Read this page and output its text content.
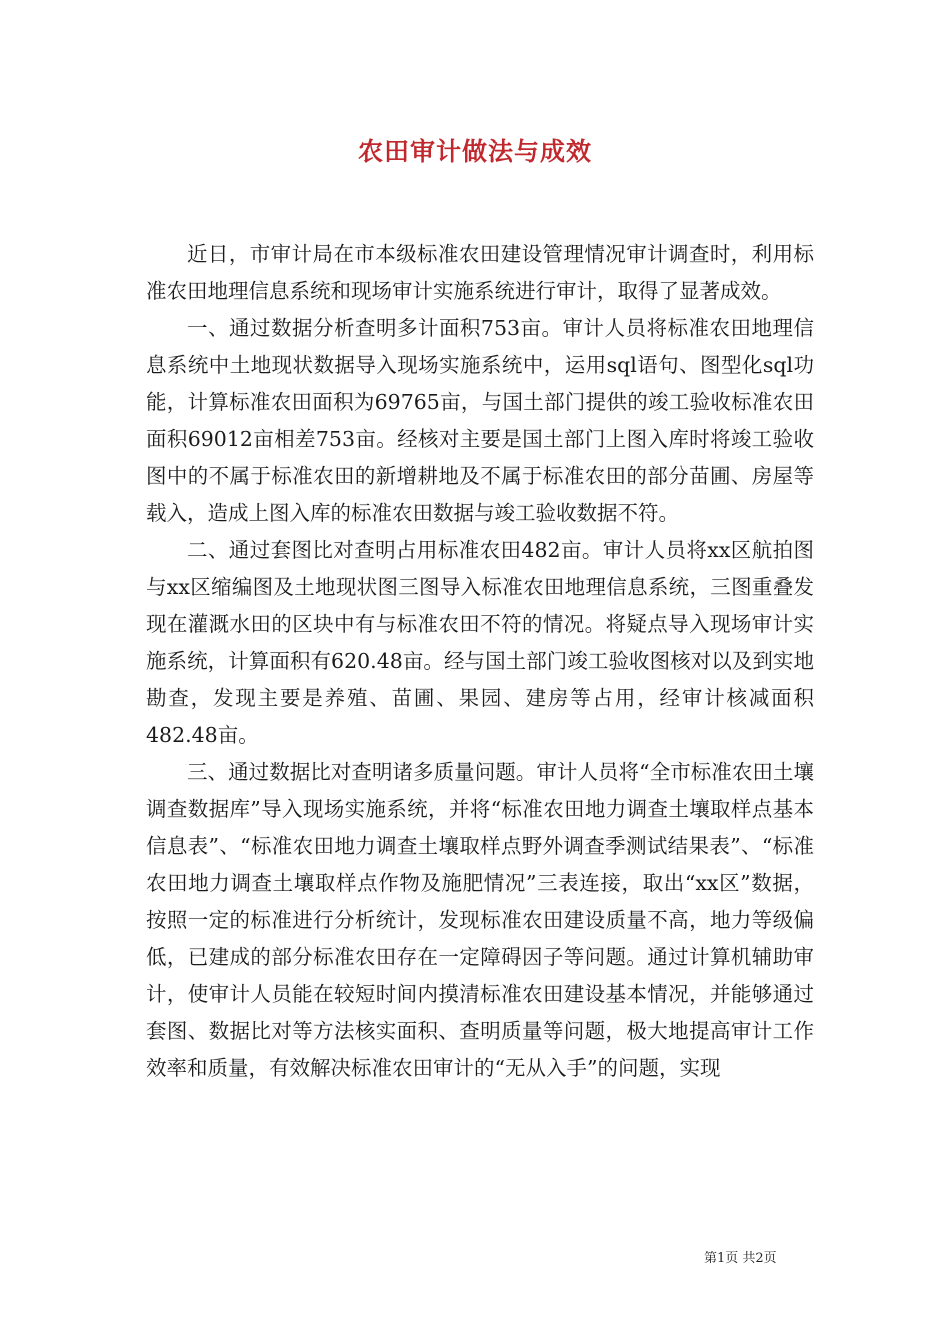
农田审计做法与成效

近日，市审计局在市本级标准农田建设管理情况审计调查时，利用标准农田地理信息系统和现场审计实施系统进行审计，取得了显著成效。

一、通过数据分析查明多计面积753亩。审计人员将标准农田地理信息系统中土地现状数据导入现场实施系统中，运用sql语句、图型化sql功能，计算标准农田面积为69765亩，与国土部门提供的竣工验收标准农田面积69012亩相差753亩。经核对主要是国土部门上图入库时将竣工验收图中的不属于标准农田的新增耕地及不属于标准农田的部分苗圃、房屋等载入，造成上图入库的标准农田数据与竣工验收数据不符。

二、通过套图比对查明占用标准农田482亩。审计人员将xx区航拍图与xx区缩编图及土地现状图三图导入标准农田地理信息系统，三图重叠发现在灌溉水田的区块中有与标准农田不符的情况。将疑点导入现场审计实施系统，计算面积有620.48亩。经与国土部门竣工验收图核对以及到实地勘查，发现主要是养殖、苗圃、果园、建房等占用，经审计核减面积482.48亩。

三、通过数据比对查明诸多质量问题。审计人员将“全市标准农田土壤调查数据库”导入现场实施系统，并将“标准农田地力调查土壤取样点基本信息表”、“标准农田地力调查土壤取样点野外调查季测试结果表”、“标准农田地力调查土壤取样点作物及施肥情况”三表连接，取出“xx区”数据，按照一定的标准进行分析统计，发现标准农田建设质量不高，地力等级偏低，已建成的部分标准农田存在一定障碍因子等问题。通过计算机辅助审计，使审计人员能在较短时间内摸清标准农田建设基本情况，并能够通过套图、数据比对等方法核实面积、查明质量等问题，极大地提高审计工作效率和质量，有效解决标准农田审计的“无从入手”的问题，实现

第1页 共2页
